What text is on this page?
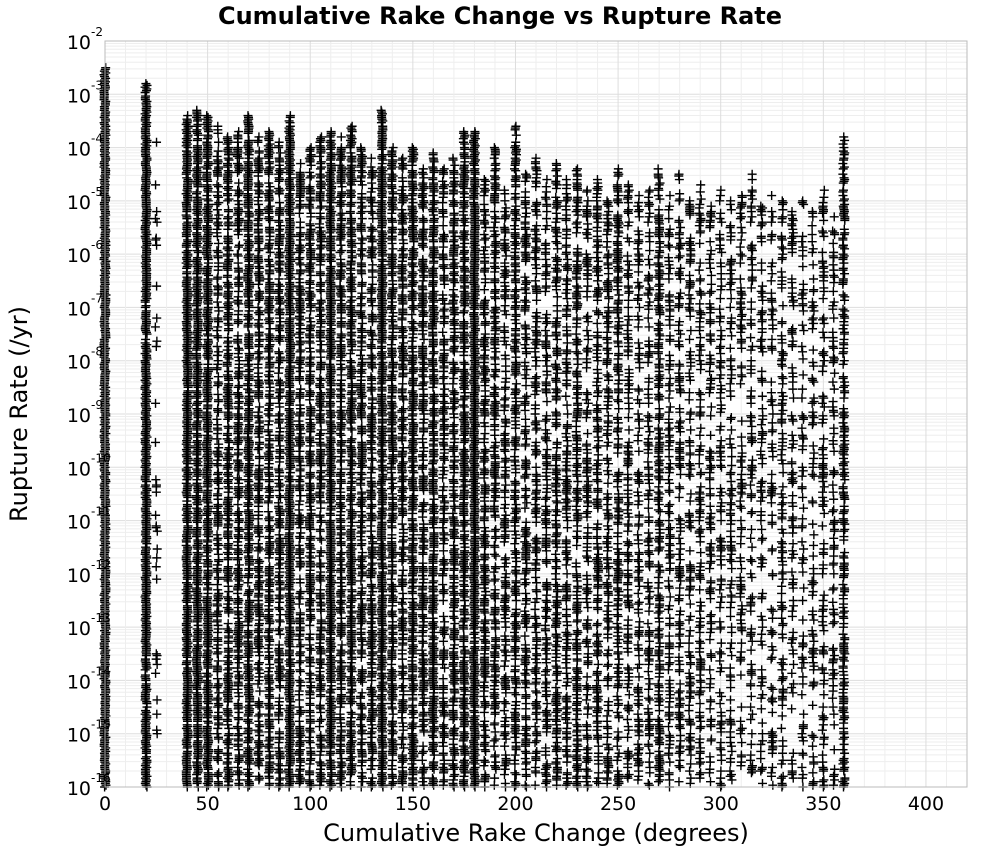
0	50	100	150	200	250	300	350	400
10 -16
10 -15
10 -14
10 -13
10 -12
10 -11
10 -10
10 -9
10 -8
10 -7
10 -6
10 -5
10 -4
10 -3
10 -2
Cumulative Rake Change vs Rupture Rate
Cumulative Rake Change (degrees)
Rupture Rate (/yr)
